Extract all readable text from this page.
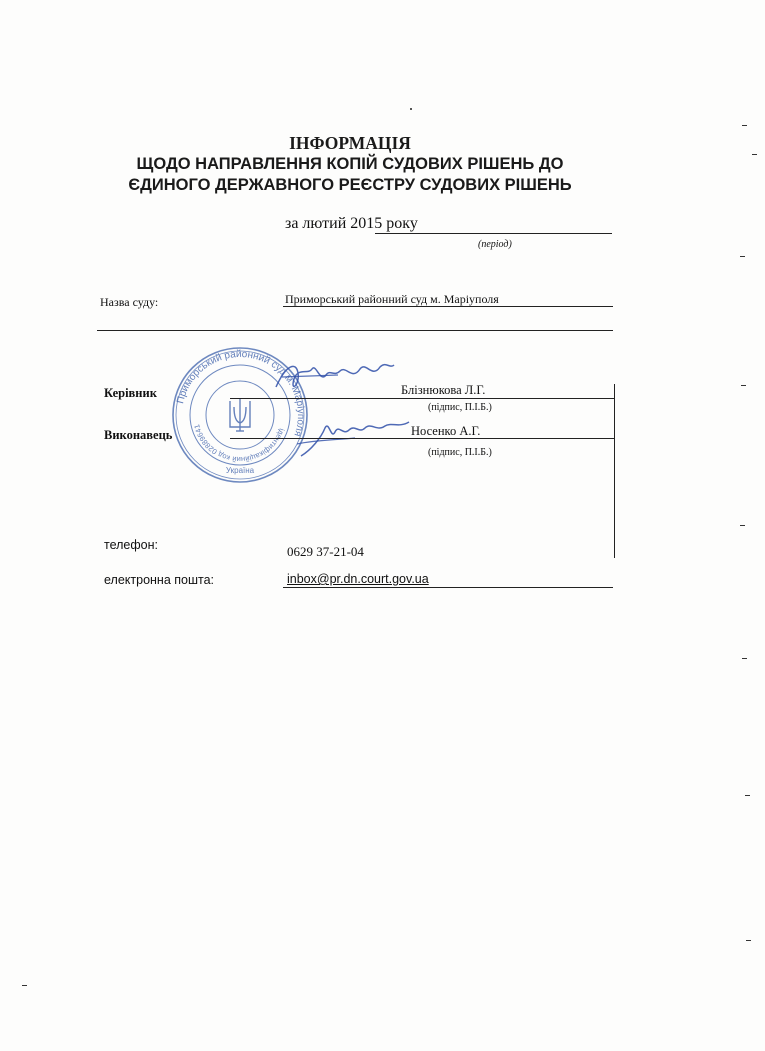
ІНФОРМАЦІЯ
ЩОДО НАПРАВЛЕННЯ КОПІЙ СУДОВИХ РІШЕНЬ ДО
ЄДИНОГО ДЕРЖАВНОГО РЕЄСТРУ СУДОВИХ РІШЕНЬ
за лютий 2015 року
(період)
Назва суду:	Приморський районний суд м. Маріуполя
Приморський районний суд м. Маріуполя
ідентифікаційний код 02889641
Україна
Керівник	Блізнюкова Л.Г.
(підпис, П.І.Б.)
Виконавець	Носенко А.Г.
(підпис, П.І.Б.)
телефон:	0629 37-21-04
електронна пошта:	inbox@pr.dn.court.gov.ua
